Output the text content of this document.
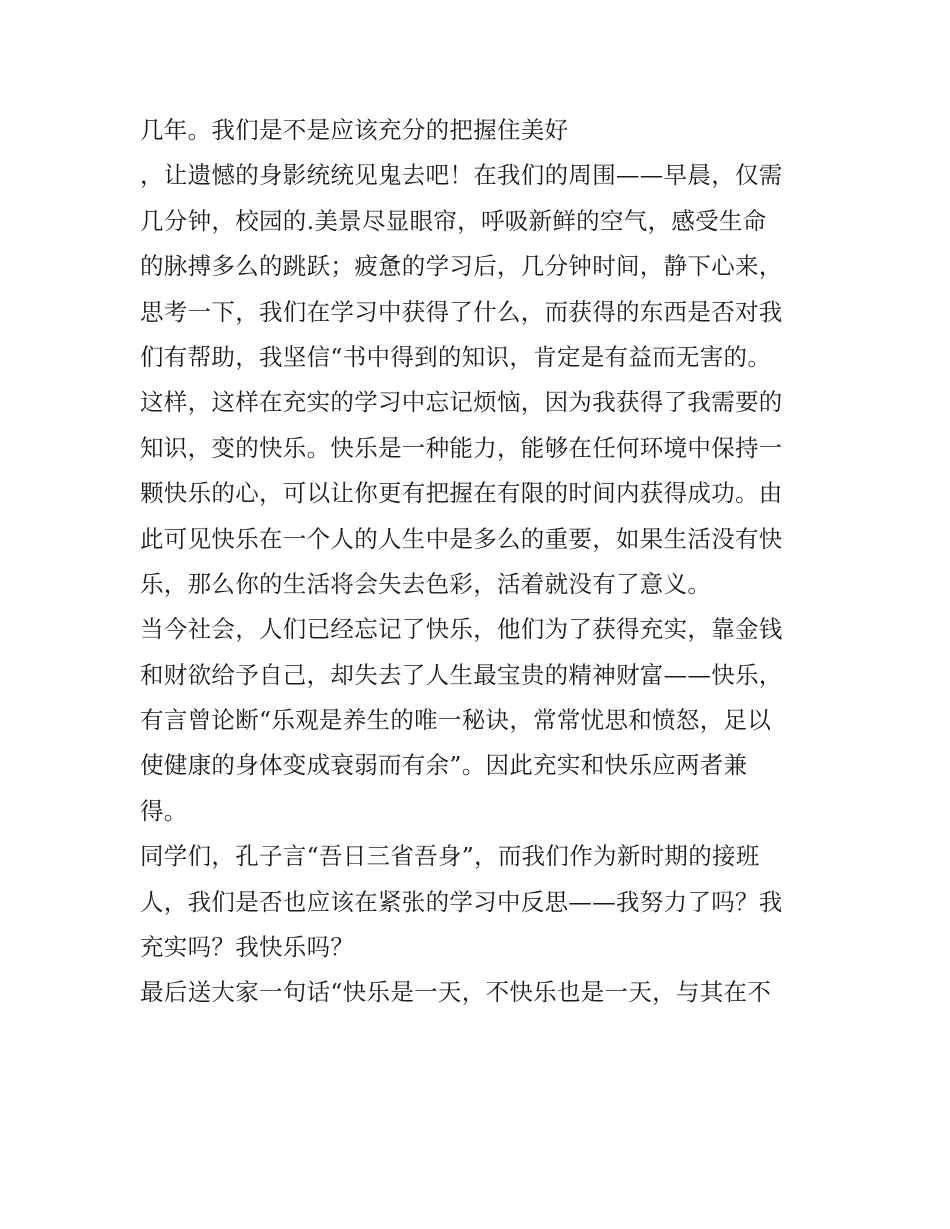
几年。我们是不是应该充分的把握住美好
，让遗憾的身影统统见鬼去吧！在我们的周围——早晨，仅需
几分钟，校园的.美景尽显眼帘，呼吸新鲜的空气，感受生命
的脉搏多么的跳跃；疲惫的学习后，几分钟时间，静下心来，
思考一下，我们在学习中获得了什么，而获得的东西是否对我
们有帮助，我坚信“书中得到的知识，肯定是有益而无害的。
这样，这样在充实的学习中忘记烦恼，因为我获得了我需要的
知识，变的快乐。快乐是一种能力，能够在任何环境中保持一
颗快乐的心，可以让你更有把握在有限的时间内获得成功。由
此可见快乐在一个人的人生中是多么的重要，如果生活没有快
乐，那么你的生活将会失去色彩，活着就没有了意义。
当今社会，人们已经忘记了快乐，他们为了获得充实，靠金钱
和财欲给予自己，却失去了人生最宝贵的精神财富——快乐，
有言曾论断“乐观是养生的唯一秘诀，常常忧思和愤怒，足以
使健康的身体变成衰弱而有余”。因此充实和快乐应两者兼
得。
同学们，孔子言“吾日三省吾身”，而我们作为新时期的接班
人，我们是否也应该在紧张的学习中反思——我努力了吗？我
充实吗？我快乐吗？
最后送大家一句话“快乐是一天，不快乐也是一天，与其在不
